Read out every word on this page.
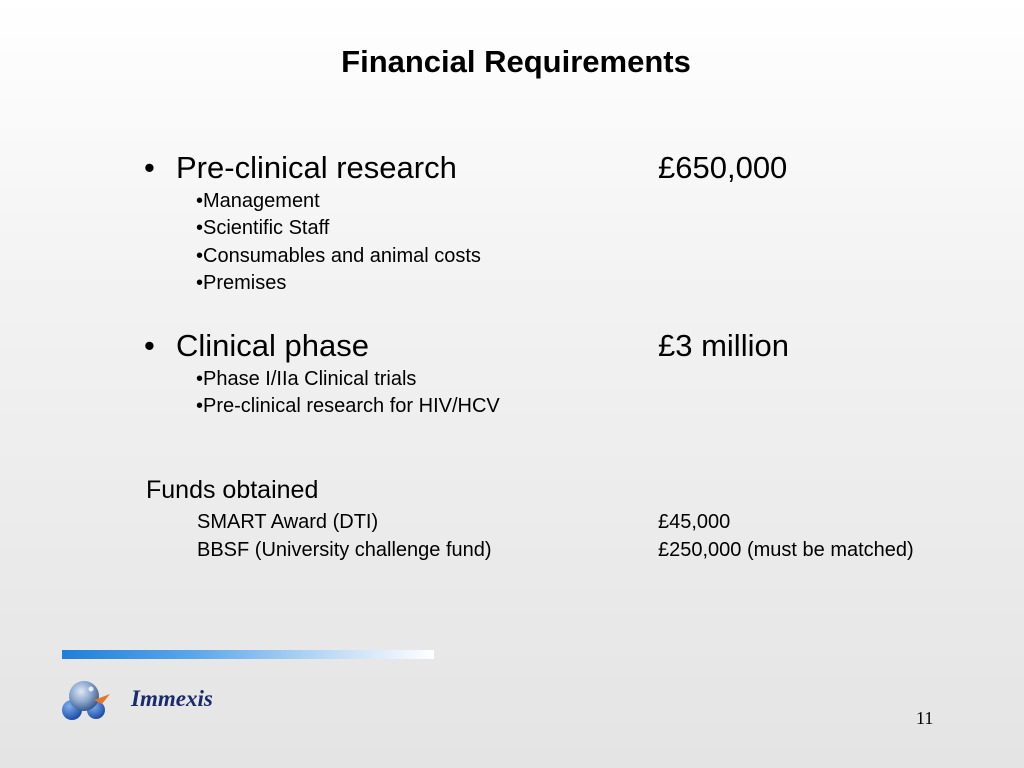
Financial Requirements
• Pre-clinical research	£650,000
•Management
•Scientific Staff
•Consumables and animal costs
•Premises
• Clinical phase	£3 million
•Phase I/IIa Clinical trials
•Pre-clinical research for HIV/HCV
Funds obtained
SMART Award (DTI)	£45,000
BBSF (University challenge fund)	£250,000 (must be matched)
Immexis
11
